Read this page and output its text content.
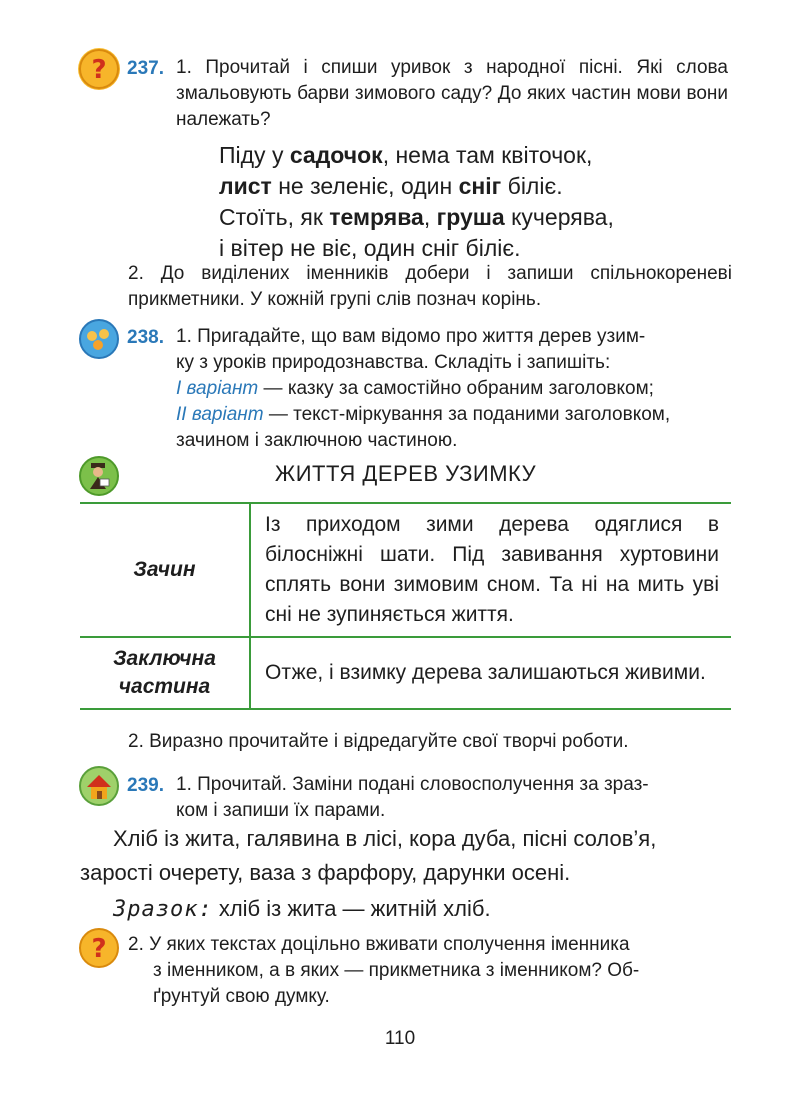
? 237. 1. Прочитай і спиши уривок з народної пісні. Які слова змальовують барви зимового саду? До яких частин мови вони належать?
Піду у садочок, нема там квіточок,
лист не зеленіє, один сніг біліє.
Стоїть, як темрява, груша кучерява,
і вітер не віє, один сніг біліє.
2. До виділених іменників добери і запиши спільнокореневі прикметники. У кожній групі слів познач корінь.
238. 1. Пригадайте, що вам відомо про життя дерев узим-
ку з уроків природознавства. Складіть і запишіть:
І варіант — казку за самостійно обраним заголовком;
ІІ варіант — текст-міркування за поданими заголовком,
зачином і заключною частиною.
ЖИТТЯ ДЕРЕВ УЗИМКУ
Зачин	Із приходом зими дерева одяглися в білосніжні шати. Під завивання хуртовини сплять вони зимовим сном. Та ні на мить уві сні не зупиняється життя.

Заключна
частина	Отже, і взимку дерева залишаються живими.
2. Виразно прочитайте і відредагуйте свої творчі роботи.
239. 1. Прочитай. Заміни подані словосполучення за зраз-
ком і запиши їх парами.
Хліб із жита, галявина в лісі, кора дуба, пісні солов’я,
зарості очерету, ваза з фарфору, дарунки осені.
Зразок: хліб із жита — житній хліб.
? 2. У яких текстах доцільно вживати сполучення іменника
з іменником, а в яких — прикметника з іменником? Об-
ґрунтуй свою думку.
110
